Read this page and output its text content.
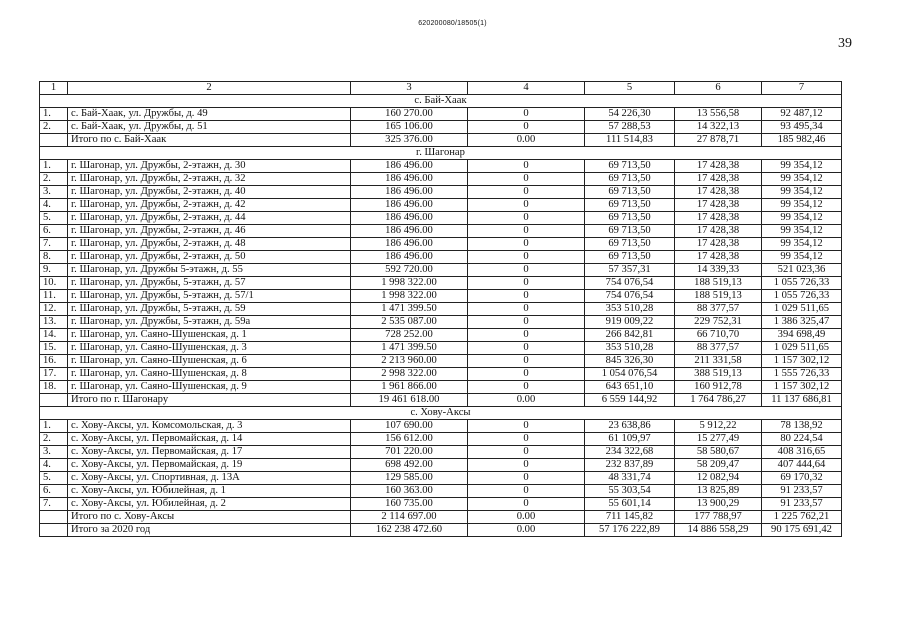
620200080/18505(1)
39
1	2	3	4	5	6	7
с. Бай-Хаак						
1.	с. Бай-Хаак, ул. Дружбы, д. 49	160 270.00	0	54 226,30	13 556,58	92 487,12
2.	с. Бай-Хаак, ул. Дружбы, д. 51	165 106.00	0	57 288,53	14 322,13	93 495,34
	Итого по с. Бай-Хаак	325 376.00	0.00	111 514,83	27 878,71	185 982,46
г. Шагонар						
1.	г. Шагонар, ул. Дружбы, 2-этажн, д. 30	186 496.00	0	69 713,50	17 428,38	99 354,12
2.	г. Шагонар, ул. Дружбы, 2-этажн, д. 32	186 496.00	0	69 713,50	17 428,38	99 354,12
3.	г. Шагонар, ул. Дружбы, 2-этажн, д. 40	186 496.00	0	69 713,50	17 428,38	99 354,12
4.	г. Шагонар, ул. Дружбы, 2-этажн, д. 42	186 496.00	0	69 713,50	17 428,38	99 354,12
5.	г. Шагонар, ул. Дружбы, 2-этажн, д. 44	186 496.00	0	69 713,50	17 428,38	99 354,12
6.	г. Шагонар, ул. Дружбы, 2-этажн, д. 46	186 496.00	0	69 713,50	17 428,38	99 354,12
7.	г. Шагонар, ул. Дружбы, 2-этажн, д. 48	186 496.00	0	69 713,50	17 428,38	99 354,12
8.	г. Шагонар, ул. Дружбы, 2-этажн, д. 50	186 496.00	0	69 713,50	17 428,38	99 354,12
9.	г. Шагонар, ул. Дружбы 5-этажн, д. 55	592 720.00	0	57 357,31	14 339,33	521 023,36
10.	г. Шагонар, ул. Дружбы, 5-этажн, д. 57	1 998 322.00	0	754 076,54	188 519,13	1 055 726,33
11.	г. Шагонар, ул. Дружбы, 5-этажн, д. 57/1	1 998 322.00	0	754 076,54	188 519,13	1 055 726,33
12.	г. Шагонар, ул. Дружбы, 5-этажн, д. 59	1 471 399.50	0	353 510,28	88 377,57	1 029 511,65
13.	г. Шагонар, ул. Дружбы, 5-этажн, д. 59а	2 535 087.00	0	919 009,22	229 752,31	1 386 325,47
14.	г. Шагонар, ул. Саяно-Шушенская, д. 1	728 252.00	0	266 842,81	66 710,70	394 698,49
15.	г. Шагонар, ул. Саяно-Шушенская, д. 3	1 471 399.50	0	353 510,28	88 377,57	1 029 511,65
16.	г. Шагонар, ул. Саяно-Шушенская, д. 6	2 213 960.00	0	845 326,30	211 331,58	1 157 302,12
17.	г. Шагонар, ул. Саяно-Шушенская, д. 8	2 998 322.00	0	1 054 076,54	388 519,13	1 555 726,33
18.	г. Шагонар, ул. Саяно-Шушенская, д. 9	1 961 866.00	0	643 651,10	160 912,78	1 157 302,12
	Итого по г. Шагонару	19 461 618.00	0.00	6 559 144,92	1 764 786,27	11 137 686,81
с. Хову-Аксы						
1.	с. Хову-Аксы, ул. Комсомольская, д. 3	107 690.00	0	23 638,86	5 912,22	78 138,92
2.	с. Хову-Аксы, ул. Первомайская, д. 14	156 612.00	0	61 109,97	15 277,49	80 224,54
3.	с. Хову-Аксы, ул. Первомайская, д. 17	701 220.00	0	234 322,68	58 580,67	408 316,65
4.	с. Хову-Аксы, ул. Первомайская, д. 19	698 492.00	0	232 837,89	58 209,47	407 444,64
5.	с. Хову-Аксы, ул. Спортивная, д. 13А	129 585.00	0	48 331,74	12 082,94	69 170,32
6.	с. Хову-Аксы, ул. Юбилейная, д. 1	160 363.00	0	55 303,54	13 825,89	91 233,57
7.	с. Хову-Аксы, ул. Юбилейная, д. 2	160 735.00	0	55 601,14	13 900,29	91 233,57
	Итого по с. Хову-Аксы	2 114 697.00	0.00	711 145,82	177 788,97	1 225 762,21
	Итого за 2020 год	162 238 472.60	0.00	57 176 222,89	14 886 558,29	90 175 691,42
